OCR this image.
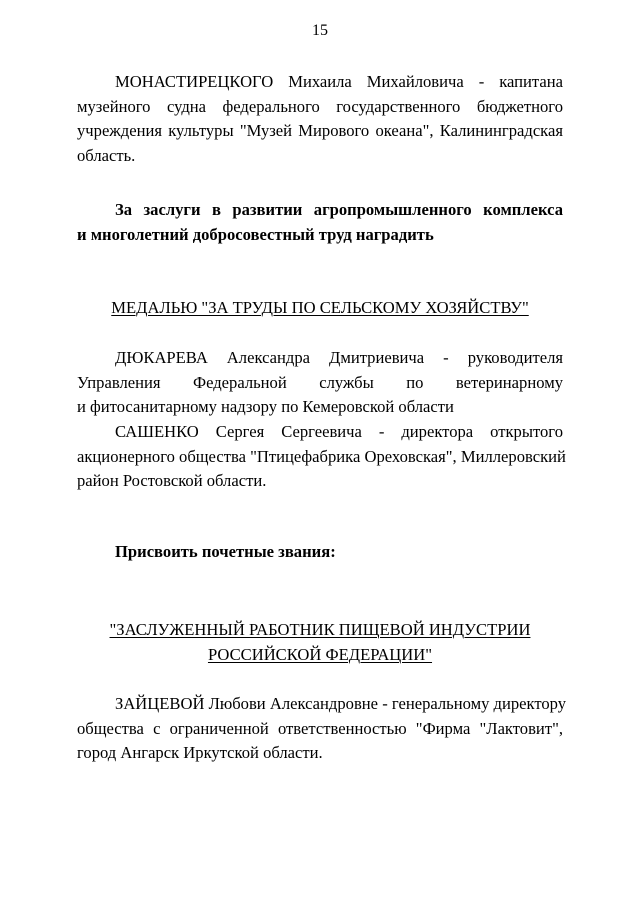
15
МОНАСТИРЕЦКОГО Михаила Михайловича - капитана
музейного судна федерального государственного бюджетного
учреждения культуры "Музей Мирового океана", Калининградская
область.
За заслуги в развитии агропромышленного комплекса
и многолетний добросовестный труд наградить
МЕДАЛЬЮ "ЗА ТРУДЫ ПО СЕЛЬСКОМУ ХОЗЯЙСТВУ"
ДЮКАРЕВА Александра Дмитриевича - руководителя
Управления Федеральной службы по ветеринарному
и фитосанитарному надзору по Кемеровской области
САШЕНКО Сергея Сергеевича - директора открытого
акционерного общества "Птицефабрика Ореховская", Миллеровский
район Ростовской области.
Присвоить почетные звания:
"ЗАСЛУЖЕННЫЙ РАБОТНИК ПИЩЕВОЙ ИНДУСТРИИ
РОССИЙСКОЙ ФЕДЕРАЦИИ"
ЗАЙЦЕВОЙ Любови Александровне - генеральному директору
общества с ограниченной ответственностью "Фирма "Лактовит",
город Ангарск Иркутской области.
